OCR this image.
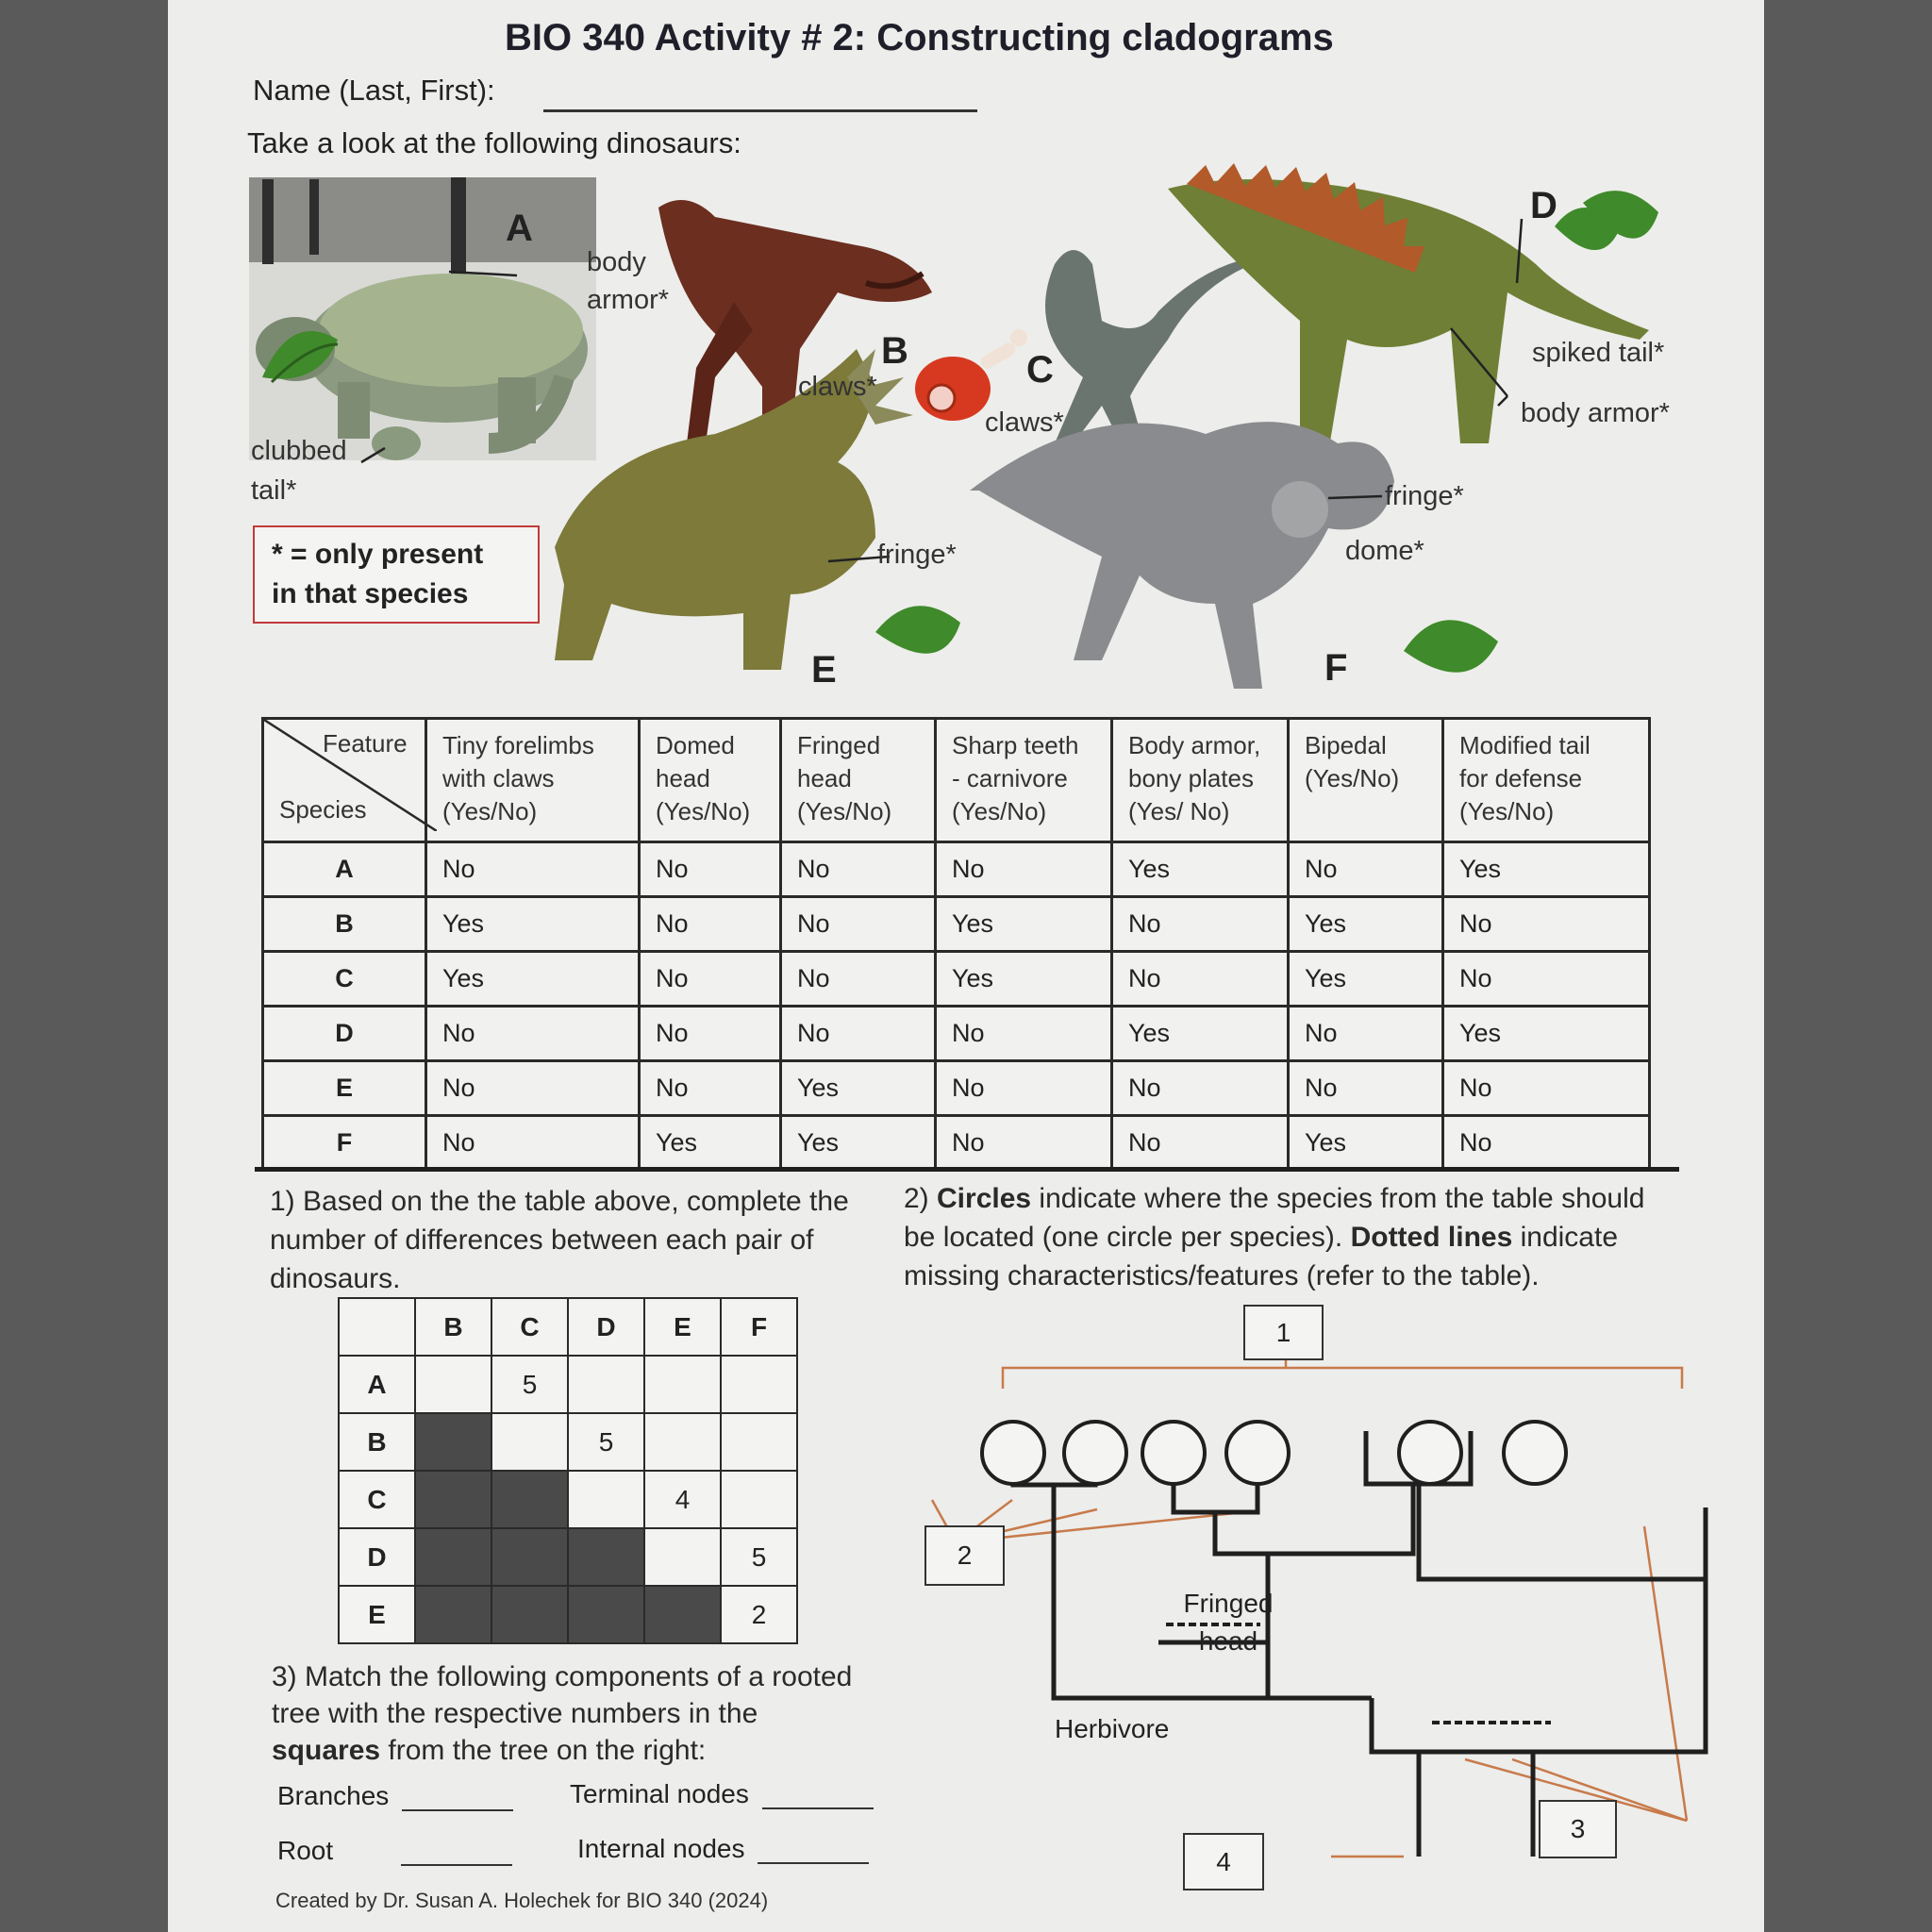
BIO 340 Activity # 2: Constructing cladograms
Name (Last, First):
Take a look at the following dinosaurs:
A
body
armor*
clubbed
tail*
B
claws*	C
claws*
D
spiked tail*
body armor*
E
fringe*
F
fringe*
dome*
* = only present
in that species
Feature
Species	Tiny forelimbs
with claws
(Yes/No)	Domed
head
(Yes/No)	Fringed
head
(Yes/No)	Sharp teeth
- carnivore
(Yes/No)	Body armor,
bony plates
(Yes/ No)	Bipedal
(Yes/No)	Modified tail
for defense
(Yes/No)
A	No	No	No	No	Yes	No	Yes
B	Yes	No	No	Yes	No	Yes	No
C	Yes	No	No	Yes	No	Yes	No
D	No	No	No	No	Yes	No	Yes
E	No	No	Yes	No	No	No	No
F	No	Yes	Yes	No	No	Yes	No
1) Based on the the table above, complete the
number of differences between each pair of
dinosaurs.
	B	C	D	E	F
A		5			
B			5		
C				4	
D					5
E					2
2) Circles indicate where the species from the table should
be located (one circle per species). Dotted lines indicate
missing characteristics/features (refer to the table).
1
2
3
4
Fringed
head
Herbivore
3) Match the following components of a rooted
tree with the respective numbers in the
squares from the tree on the right:
Branches	Terminal nodes
Root	Internal nodes
Created by Dr. Susan A. Holechek for BIO 340 (2024)
